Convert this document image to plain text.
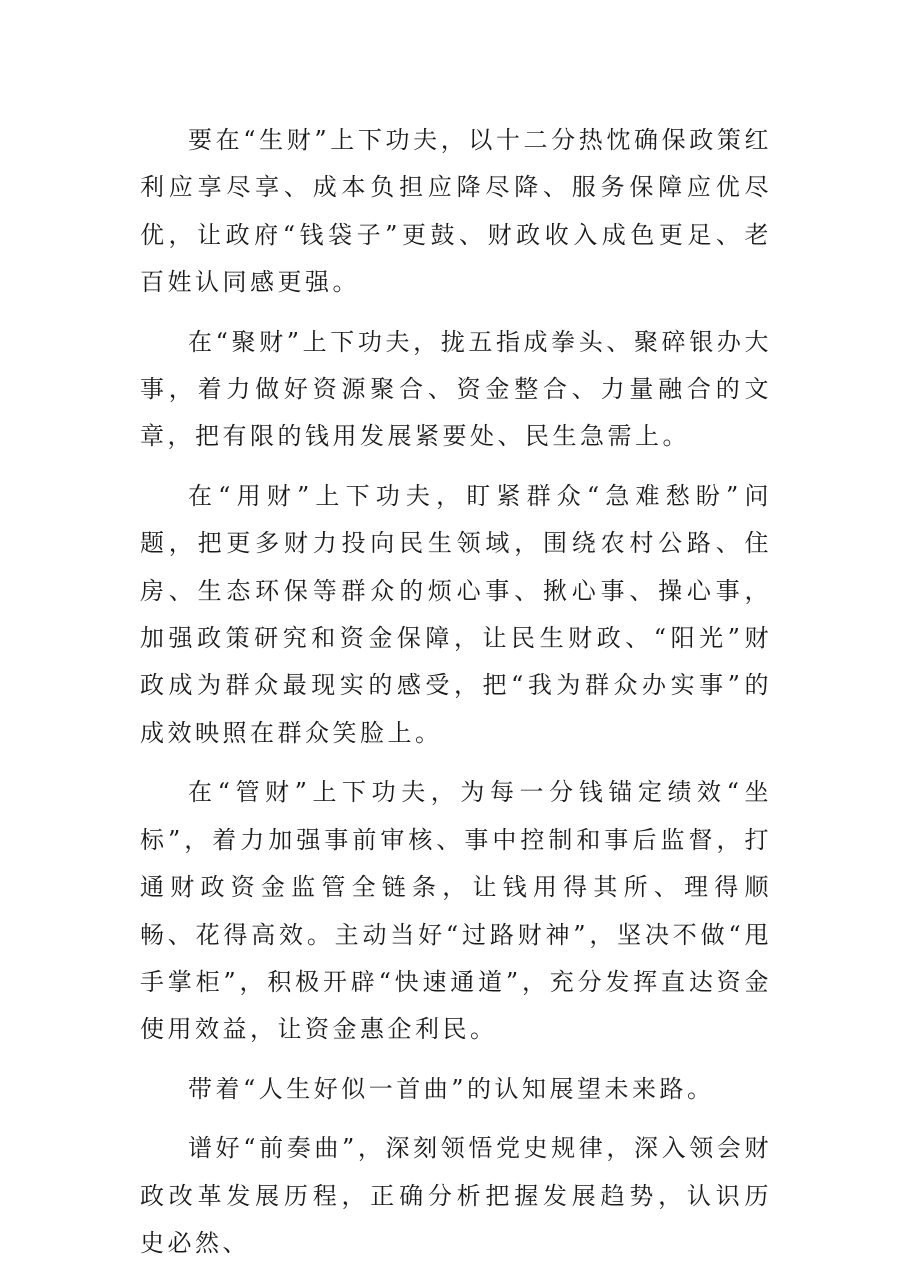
要在“生财”上下功夫，以十二分热忱确保政策红利应享尽享、成本负担应降尽降、服务保障应优尽优，让政府“钱袋子”更鼓、财政收入成色更足、老百姓认同感更强。

在“聚财”上下功夫，拢五指成拳头、聚碎银办大事，着力做好资源聚合、资金整合、力量融合的文章，把有限的钱用发展紧要处、民生急需上。

在“用财”上下功夫，盯紧群众“急难愁盼”问题，把更多财力投向民生领域，围绕农村公路、住房、生态环保等群众的烦心事、揪心事、操心事，加强政策研究和资金保障，让民生财政、“阳光”财政成为群众最现实的感受，把“我为群众办实事”的成效映照在群众笑脸上。

在“管财”上下功夫，为每一分钱锚定绩效“坐标”，着力加强事前审核、事中控制和事后监督，打通财政资金监管全链条，让钱用得其所、理得顺畅、花得高效。主动当好“过路财神”，坚决不做“甩手掌柜”，积极开辟“快速通道”，充分发挥直达资金使用效益，让资金惠企利民。

带着“人生好似一首曲”的认知展望未来路。

谱好“前奏曲”，深刻领悟党史规律，深入领会财政改革发展历程，正确分析把握发展趋势，认识历史必然、
